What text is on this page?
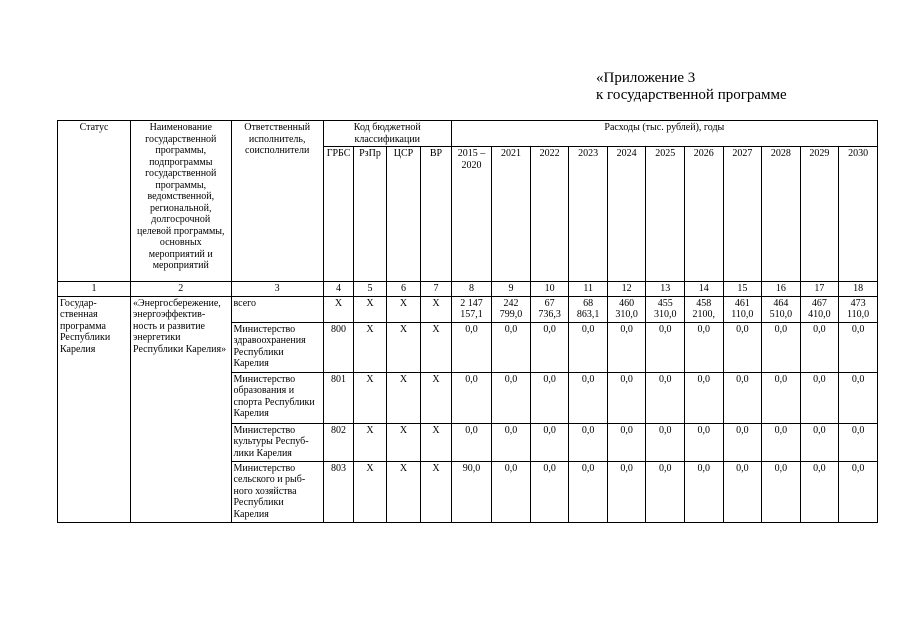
«Приложение 3
к государственной программе
Статус	Наименование государственной программы, подпрограммы государственной программы, ведомственной, региональной, долгосрочной целевой программы, основных мероприятий и мероприятий	Ответственный исполнитель, соисполнители	Код бюджетной классификации				Расходы (тыс. рублей), годы										
			ГРБС	РзПр	ЦСР	ВР	2015 – 2020	2021	2022	2023	2024	2025	2026	2027	2028	2029	2030
1	2	3	4	5	6	7	8	9	10	11	12	13	14	15	16	17	18
Государ-ственная программа Республики Карелия	«Энергосбережение, энергоэффектив-ность и развитие энергетики Республики Карелия»	всего	Х	Х	Х	Х	2 147 157,1	242 799,0	67 736,3	68 863,1	460 310,0	455 310,0	458 2100,	461 110,0	464 510,0	467 410,0	473 110,0
		Министерство здравоохранения Республики Карелия	800	Х	Х	Х	0,0	0,0	0,0	0,0	0,0	0,0	0,0	0,0	0,0	0,0	0,0
		Министерство образования и спорта Республики Карелия	801	Х	Х	Х	0,0	0,0	0,0	0,0	0,0	0,0	0,0	0,0	0,0	0,0	0,0
		Министерство культуры Респуб-лики Карелия	802	Х	Х	Х	0,0	0,0	0,0	0,0	0,0	0,0	0,0	0,0	0,0	0,0	0,0
		Министерство сельского и рыб-ного хозяйства Республики Карелия	803	Х	Х	Х	90,0	0,0	0,0	0,0	0,0	0,0	0,0	0,0	0,0	0,0	0,0
